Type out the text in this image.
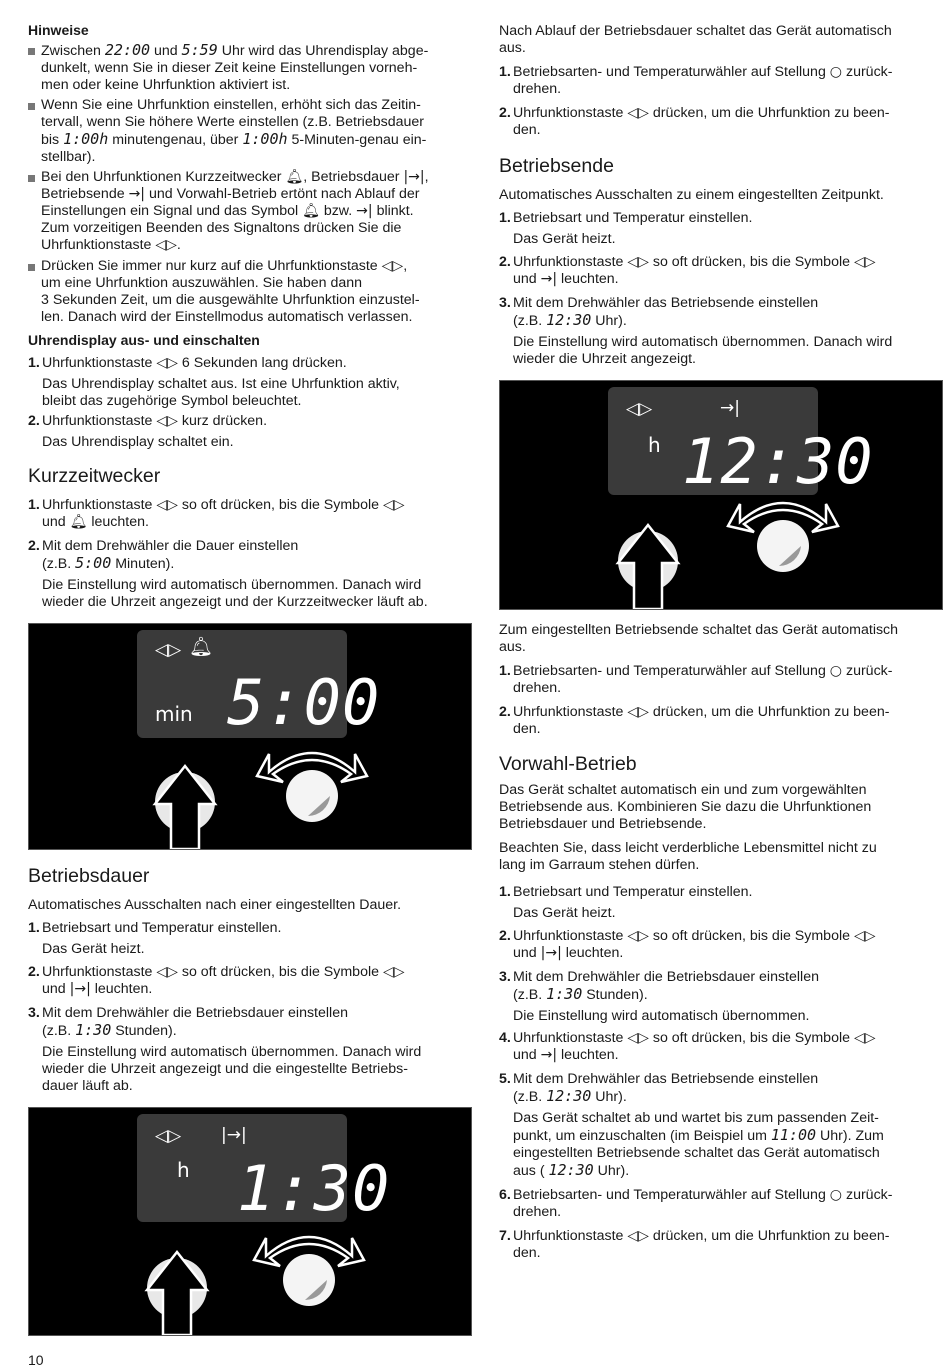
Hinweise
Zwischen 22:00 und 5:59 Uhr wird das Uhrendisplay abge-
dunkelt, wenn Sie in dieser Zeit keine Einstellungen vorneh-
men oder keine Uhrfunktion aktiviert ist.
Wenn Sie eine Uhrfunktion einstellen, erhöht sich das Zeitin-
tervall, wenn Sie höhere Werte einstellen (z.B. Betriebsdauer
bis 1:00h minutengenau, über 1:00h 5-Minuten-genau ein-
stellbar).
Bei den Uhrfunktionen Kurzzeitwecker 🔔︎, Betriebsdauer |→|,
Betriebsende →| und Vorwahl-Betrieb ertönt nach Ablauf der
Einstellungen ein Signal und das Symbol 🔔︎ bzw. →| blinkt.
Zum vorzeitigen Beenden des Signaltons drücken Sie die
Uhrfunktionstaste ◁▷.
Drücken Sie immer nur kurz auf die Uhrfunktionstaste ◁▷,
um eine Uhrfunktion auszuwählen. Sie haben dann
3 Sekunden Zeit, um die ausgewählte Uhrfunktion einzustel-
len. Danach wird der Einstellmodus automatisch verlassen.
Uhrendisplay aus- und einschalten
1. Uhrfunktionstaste ◁▷ 6 Sekunden lang drücken.
Das Uhrendisplay schaltet aus. Ist eine Uhrfunktion aktiv,
bleibt das zugehörige Symbol beleuchtet.
2. Uhrfunktionstaste ◁▷ kurz drücken.
Das Uhrendisplay schaltet ein.
Kurzzeitwecker
1. Uhrfunktionstaste ◁▷ so oft drücken, bis die Symbole ◁▷
und 🔔︎ leuchten.
2. Mit dem Drehwähler die Dauer einstellen
(z.B. 5:00 Minuten).
Die Einstellung wird automatisch übernommen. Danach wird
wieder die Uhrzeit angezeigt und der Kurzzeitwecker läuft ab.
Betriebsdauer
Automatisches Ausschalten nach einer eingestellten Dauer.
1. Betriebsart und Temperatur einstellen.
Das Gerät heizt.
2. Uhrfunktionstaste ◁▷ so oft drücken, bis die Symbole ◁▷
und |→| leuchten.
3. Mit dem Drehwähler die Betriebsdauer einstellen
(z.B. 1:30 Stunden).
Die Einstellung wird automatisch übernommen. Danach wird
wieder die Uhrzeit angezeigt und die eingestellte Betriebs-
dauer läuft ab.
◁▷ 🔔︎
min 5:00
◁▷ |→|
h 1:30
Nach Ablauf der Betriebsdauer schaltet das Gerät automatisch
aus.
1. Betriebsarten- und Temperaturwähler auf Stellung ○ zurück-
drehen.
2. Uhrfunktionstaste ◁▷ drücken, um die Uhrfunktion zu been-
den.
Betriebsende
Automatisches Ausschalten zu einem eingestellten Zeitpunkt.
1. Betriebsart und Temperatur einstellen.
Das Gerät heizt.
2. Uhrfunktionstaste ◁▷ so oft drücken, bis die Symbole ◁▷
und →| leuchten.
3. Mit dem Drehwähler das Betriebsende einstellen
(z.B. 12:30 Uhr).
Die Einstellung wird automatisch übernommen. Danach wird
wieder die Uhrzeit angezeigt.
Zum eingestellten Betriebsende schaltet das Gerät automatisch
aus.
1. Betriebsarten- und Temperaturwähler auf Stellung ○ zurück-
drehen.
2. Uhrfunktionstaste ◁▷ drücken, um die Uhrfunktion zu been-
den.
Vorwahl-Betrieb
Das Gerät schaltet automatisch ein und zum vorgewählten
Betriebsende aus. Kombinieren Sie dazu die Uhrfunktionen
Betriebsdauer und Betriebsende.
Beachten Sie, dass leicht verderbliche Lebensmittel nicht zu
lang im Garraum stehen dürfen.
1. Betriebsart und Temperatur einstellen.
Das Gerät heizt.
2. Uhrfunktionstaste ◁▷ so oft drücken, bis die Symbole ◁▷
und |→| leuchten.
3. Mit dem Drehwähler die Betriebsdauer einstellen
(z.B. 1:30 Stunden).
Die Einstellung wird automatisch übernommen.
4. Uhrfunktionstaste ◁▷ so oft drücken, bis die Symbole ◁▷
und →| leuchten.
5. Mit dem Drehwähler das Betriebsende einstellen
(z.B. 12:30 Uhr).
Das Gerät schaltet ab und wartet bis zum passenden Zeit-
punkt, um einzuschalten (im Beispiel um 11:00 Uhr). Zum
eingestellten Betriebsende schaltet das Gerät automatisch
aus ( 12:30 Uhr).
6. Betriebsarten- und Temperaturwähler auf Stellung ○ zurück-
drehen.
7. Uhrfunktionstaste ◁▷ drücken, um die Uhrfunktion zu been-
den.
◁▷	→|
h 12:30
10
